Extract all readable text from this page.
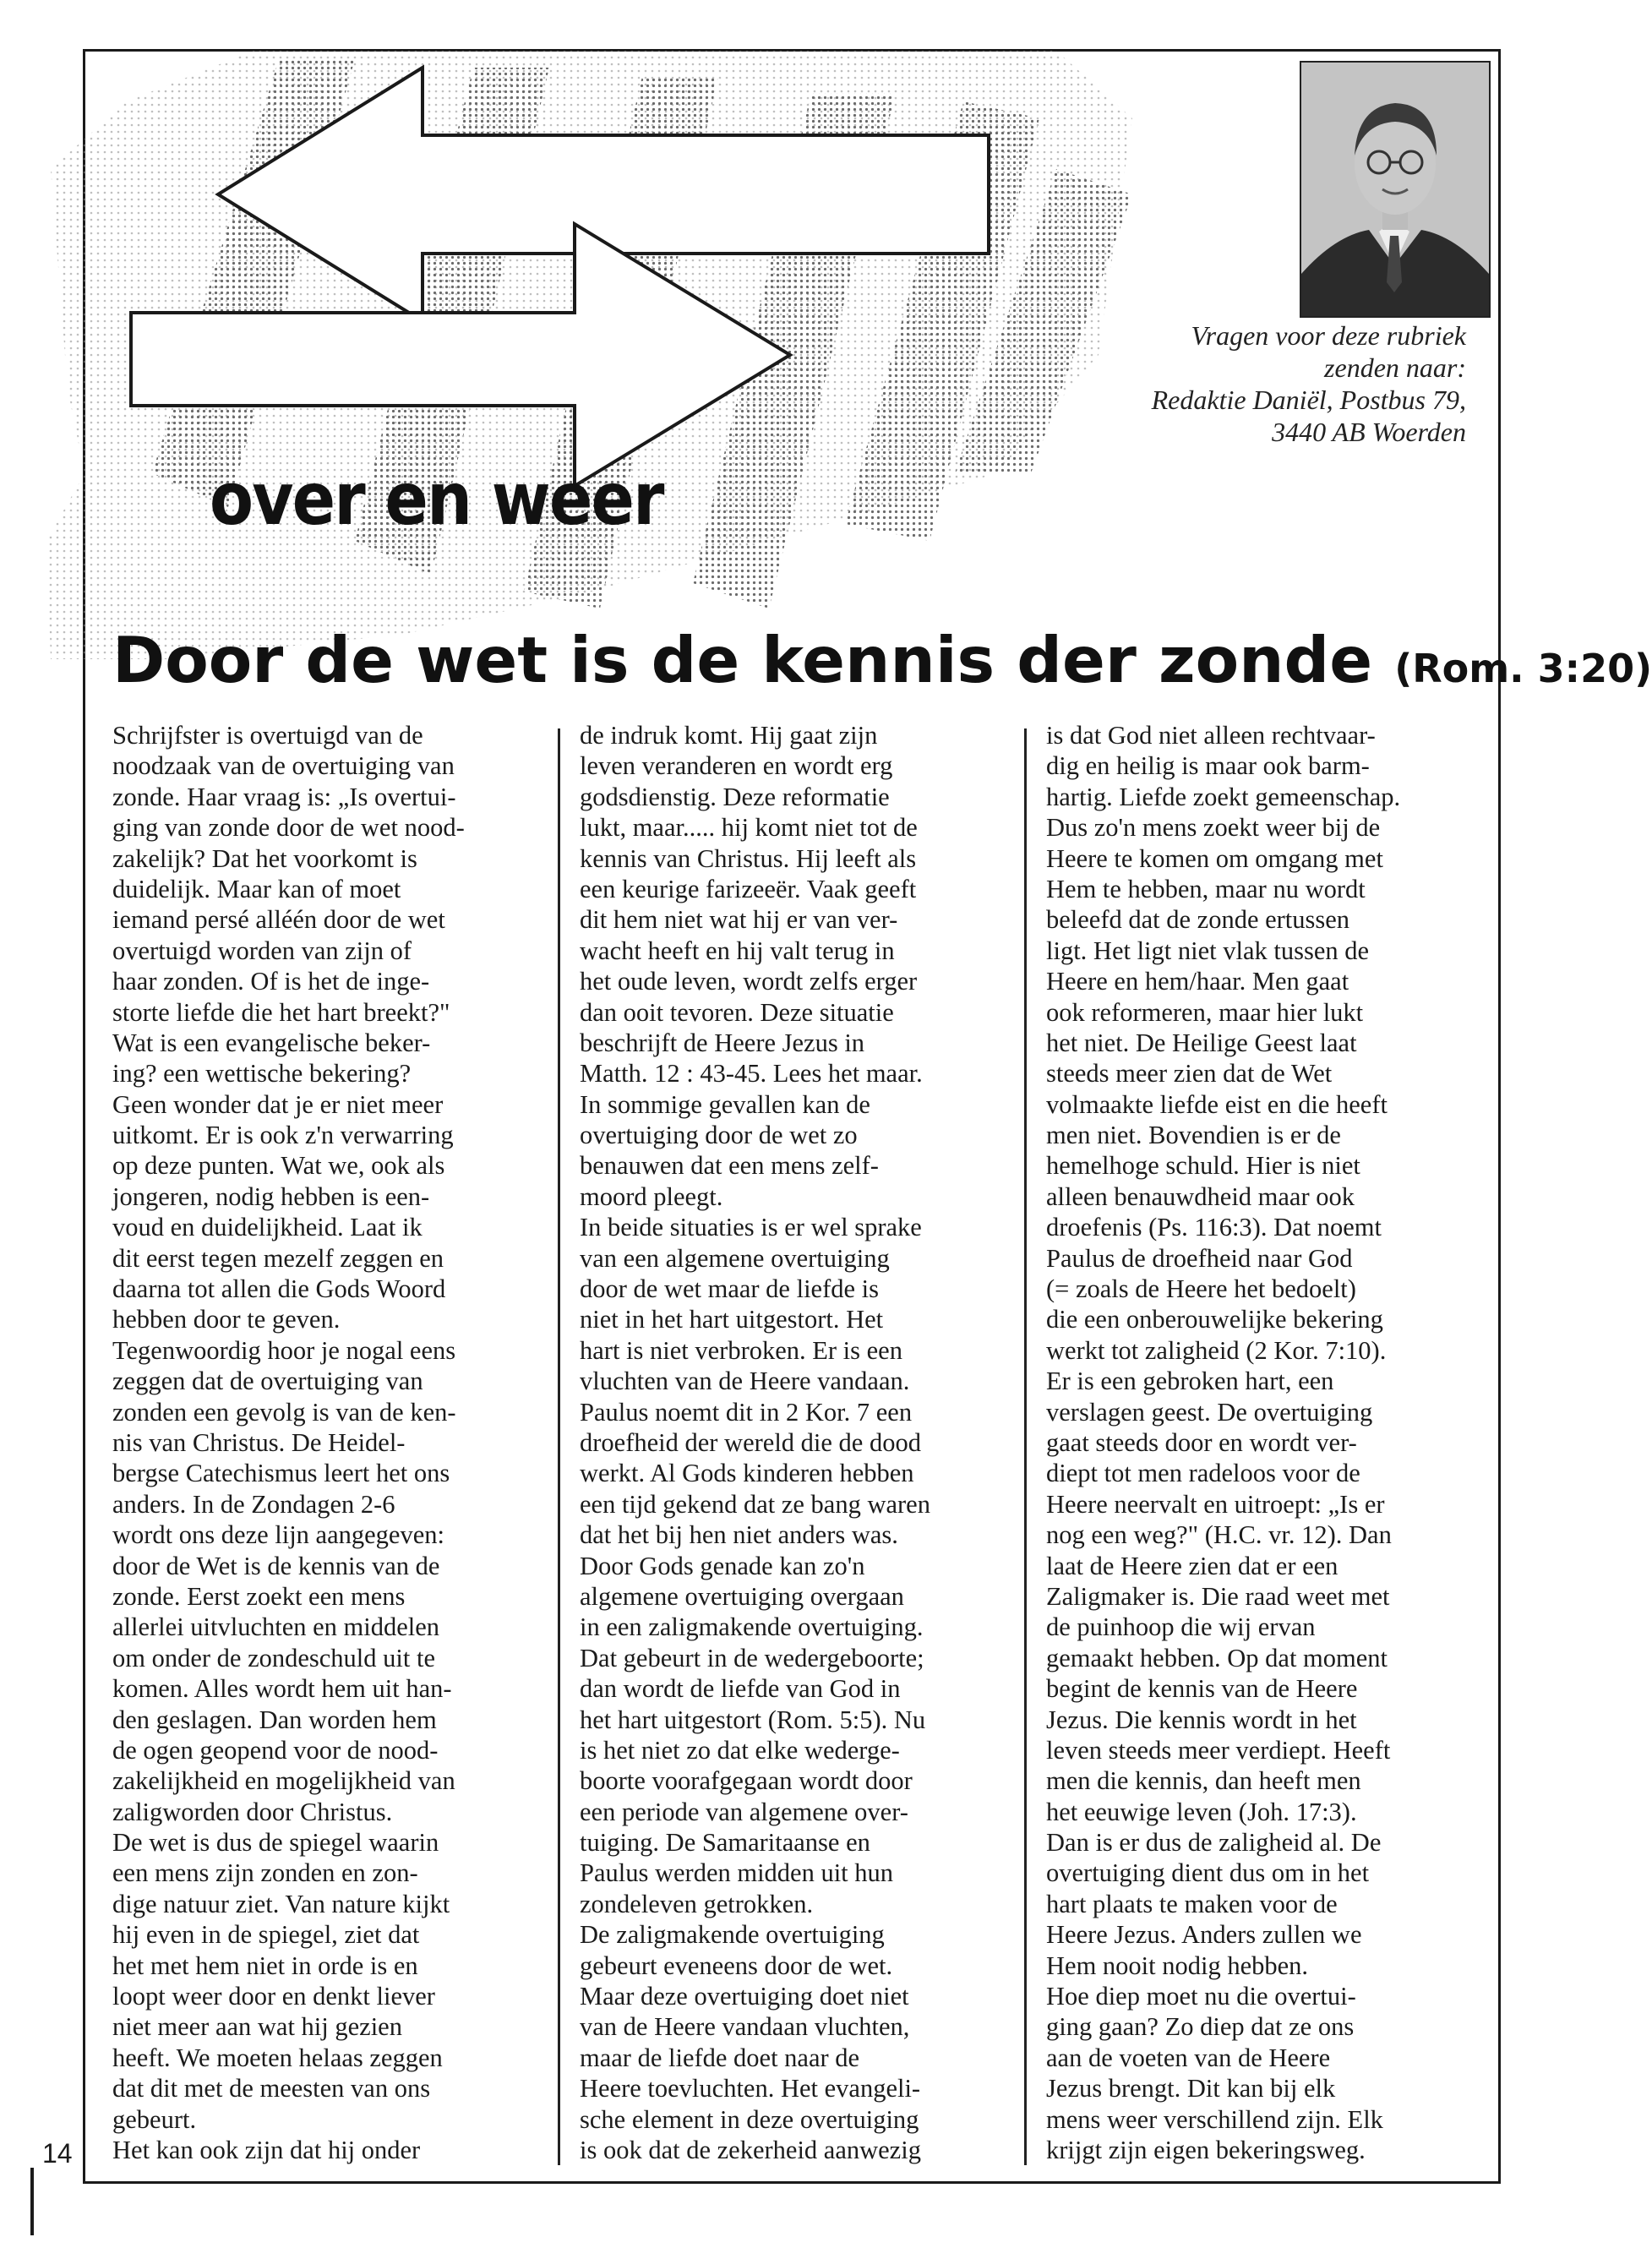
over en weer
Vragen voor deze rubriek
zenden naar:
Redaktie Daniël, Postbus 79,
3440 AB Woerden
Door de wet is de kennis der zonde (Rom. 3:20)
Schrijfster is overtuigd van de
noodzaak van de overtuiging van
zonde. Haar vraag is: „Is overtui-
ging van zonde door de wet nood-
zakelijk? Dat het voorkomt is
duidelijk. Maar kan of moet
iemand persé alléén door de wet
overtuigd worden van zijn of
haar zonden. Of is het de inge-
storte liefde die het hart breekt?"
Wat is een evangelische beker-
ing? een wettische bekering?
Geen wonder dat je er niet meer
uitkomt. Er is ook z'n verwarring
op deze punten. Wat we, ook als
jongeren, nodig hebben is een-
voud en duidelijkheid. Laat ik
dit eerst tegen mezelf zeggen en
daarna tot allen die Gods Woord
hebben door te geven.
Tegenwoordig hoor je nogal eens
zeggen dat de overtuiging van
zonden een gevolg is van de ken-
nis van Christus. De Heidel-
bergse Catechismus leert het ons
anders. In de Zondagen 2-6
wordt ons deze lijn aangegeven:
door de Wet is de kennis van de
zonde. Eerst zoekt een mens
allerlei uitvluchten en middelen
om onder de zondeschuld uit te
komen. Alles wordt hem uit han-
den geslagen. Dan worden hem
de ogen geopend voor de nood-
zakelijkheid en mogelijkheid van
zaligworden door Christus.
De wet is dus de spiegel waarin
een mens zijn zonden en zon-
dige natuur ziet. Van nature kijkt
hij even in de spiegel, ziet dat
het met hem niet in orde is en
loopt weer door en denkt liever
niet meer aan wat hij gezien
heeft. We moeten helaas zeggen
dat dit met de meesten van ons
gebeurt.
Het kan ook zijn dat hij onder
de indruk komt. Hij gaat zijn
leven veranderen en wordt erg
godsdienstig. Deze reformatie
lukt, maar..... hij komt niet tot de
kennis van Christus. Hij leeft als
een keurige farizeeër. Vaak geeft
dit hem niet wat hij er van ver-
wacht heeft en hij valt terug in
het oude leven, wordt zelfs erger
dan ooit tevoren. Deze situatie
beschrijft de Heere Jezus in
Matth. 12 : 43-45. Lees het maar.
In sommige gevallen kan de
overtuiging door de wet zo
benauwen dat een mens zelf-
moord pleegt.
In beide situaties is er wel sprake
van een algemene overtuiging
door de wet maar de liefde is
niet in het hart uitgestort. Het
hart is niet verbroken. Er is een
vluchten van de Heere vandaan.
Paulus noemt dit in 2 Kor. 7 een
droefheid der wereld die de dood
werkt. Al Gods kinderen hebben
een tijd gekend dat ze bang waren
dat het bij hen niet anders was.
Door Gods genade kan zo'n
algemene overtuiging overgaan
in een zaligmakende overtuiging.
Dat gebeurt in de wedergeboorte;
dan wordt de liefde van God in
het hart uitgestort (Rom. 5:5). Nu
is het niet zo dat elke wederge-
boorte voorafgegaan wordt door
een periode van algemene over-
tuiging. De Samaritaanse en
Paulus werden midden uit hun
zondeleven getrokken.
De zaligmakende overtuiging
gebeurt eveneens door de wet.
Maar deze overtuiging doet niet
van de Heere vandaan vluchten,
maar de liefde doet naar de
Heere toevluchten. Het evangeli-
sche element in deze overtuiging
is ook dat de zekerheid aanwezig
is dat God niet alleen rechtvaar-
dig en heilig is maar ook barm-
hartig. Liefde zoekt gemeenschap.
Dus zo'n mens zoekt weer bij de
Heere te komen om omgang met
Hem te hebben, maar nu wordt
beleefd dat de zonde ertussen
ligt. Het ligt niet vlak tussen de
Heere en hem/haar. Men gaat
ook reformeren, maar hier lukt
het niet. De Heilige Geest laat
steeds meer zien dat de Wet
volmaakte liefde eist en die heeft
men niet. Bovendien is er de
hemelhoge schuld. Hier is niet
alleen benauwdheid maar ook
droefenis (Ps. 116:3). Dat noemt
Paulus de droefheid naar God
(= zoals de Heere het bedoelt)
die een onberouwelijke bekering
werkt tot zaligheid (2 Kor. 7:10).
Er is een gebroken hart, een
verslagen geest. De overtuiging
gaat steeds door en wordt ver-
diept tot men radeloos voor de
Heere neervalt en uitroept: „Is er
nog een weg?" (H.C. vr. 12). Dan
laat de Heere zien dat er een
Zaligmaker is. Die raad weet met
de puinhoop die wij ervan
gemaakt hebben. Op dat moment
begint de kennis van de Heere
Jezus. Die kennis wordt in het
leven steeds meer verdiept. Heeft
men die kennis, dan heeft men
het eeuwige leven (Joh. 17:3).
Dan is er dus de zaligheid al. De
overtuiging dient dus om in het
hart plaats te maken voor de
Heere Jezus. Anders zullen we
Hem nooit nodig hebben.
Hoe diep moet nu die overtui-
ging gaan? Zo diep dat ze ons
aan de voeten van de Heere
Jezus brengt. Dit kan bij elk
mens weer verschillend zijn. Elk
krijgt zijn eigen bekeringsweg.
14
